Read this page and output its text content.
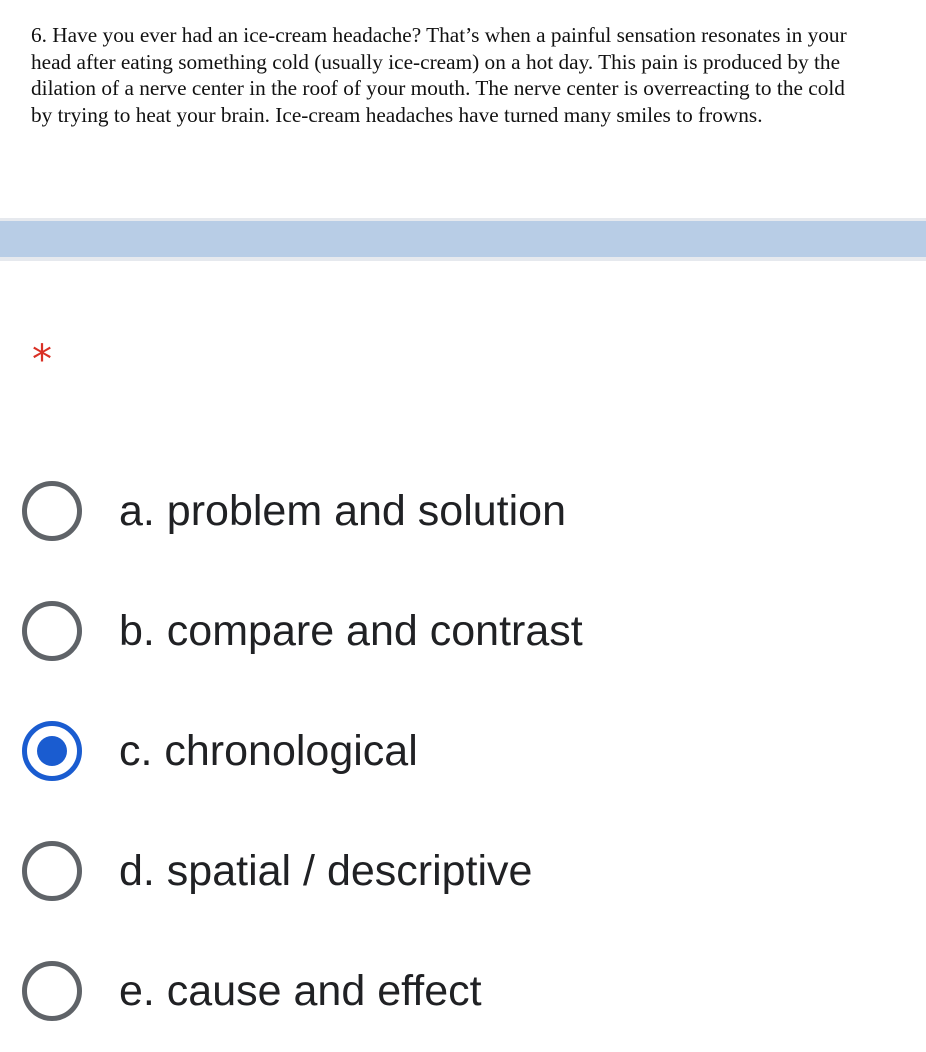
6. Have you ever had an ice-cream headache? That’s when a painful sensation resonates in your
head after eating something cold (usually ice-cream) on a hot day. This pain is produced by the
dilation of a nerve center in the roof of your mouth. The nerve center is overreacting to the cold
by trying to heat your brain. Ice-cream headaches have turned many smiles to frowns.
*
a. problem and solution
b. compare and contrast
c. chronological
d. spatial / descriptive
e. cause and effect
